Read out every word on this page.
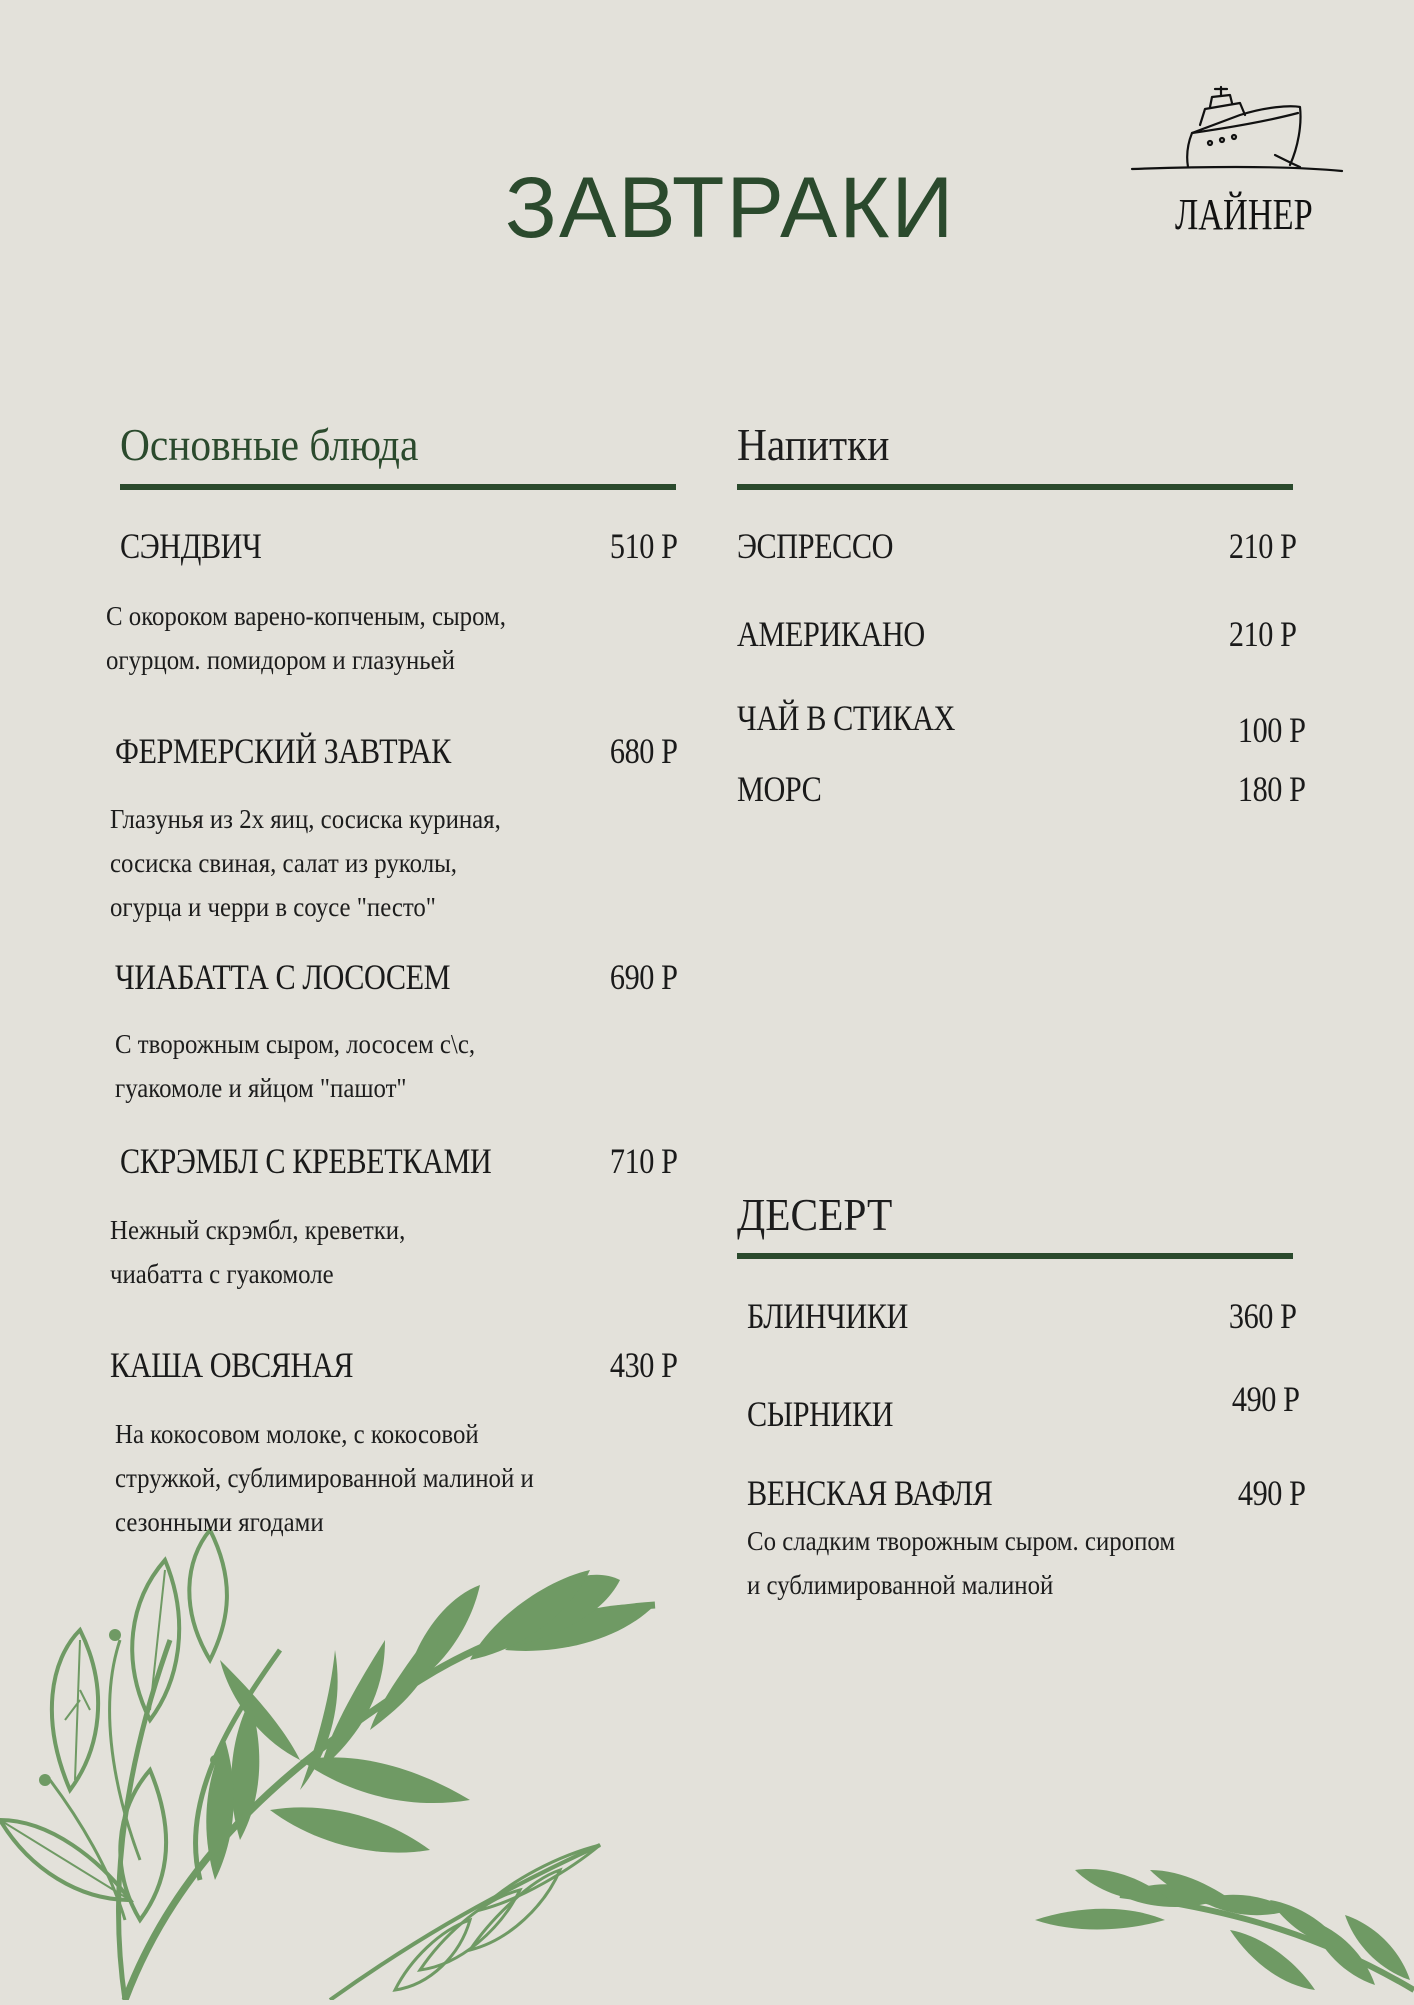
ЗАВТРАКИ	ЛАЙНЕР
Основные блюда
СЭНДВИЧ	510 Р
С окороком варено-копченым, сыром,
огурцом. помидором и глазуньей
ФЕРМЕРСКИЙ ЗАВТРАК	680 Р
Глазунья из 2х яиц, сосиска куриная,
сосиска свиная, салат из руколы,
огурца и черри в соусе "песто"
ЧИАБАТТА С ЛОСОСЕМ	690 Р
С творожным сыром, лососем с\с,
гуакомоле и яйцом "пашот"
СКРЭМБЛ С КРЕВЕТКАМИ	710 Р
Нежный скрэмбл, креветки,
чиабатта с гуакомоле
КАША ОВСЯНАЯ	430 Р
На кокосовом молоке, с кокосовой
стружкой, сублимированной малиной и
сезонными ягодами
Напитки
ЭСПРЕССО	210 Р
АМЕРИКАНО	210 Р
ЧАЙ В СТИКАХ	100 Р
МОРС	180 Р
ДЕСЕРТ
БЛИНЧИКИ	360 Р
СЫРНИКИ	490 Р
ВЕНСКАЯ ВАФЛЯ	490 Р
Со сладким творожным сыром. сиропом
и сублимированной малиной
